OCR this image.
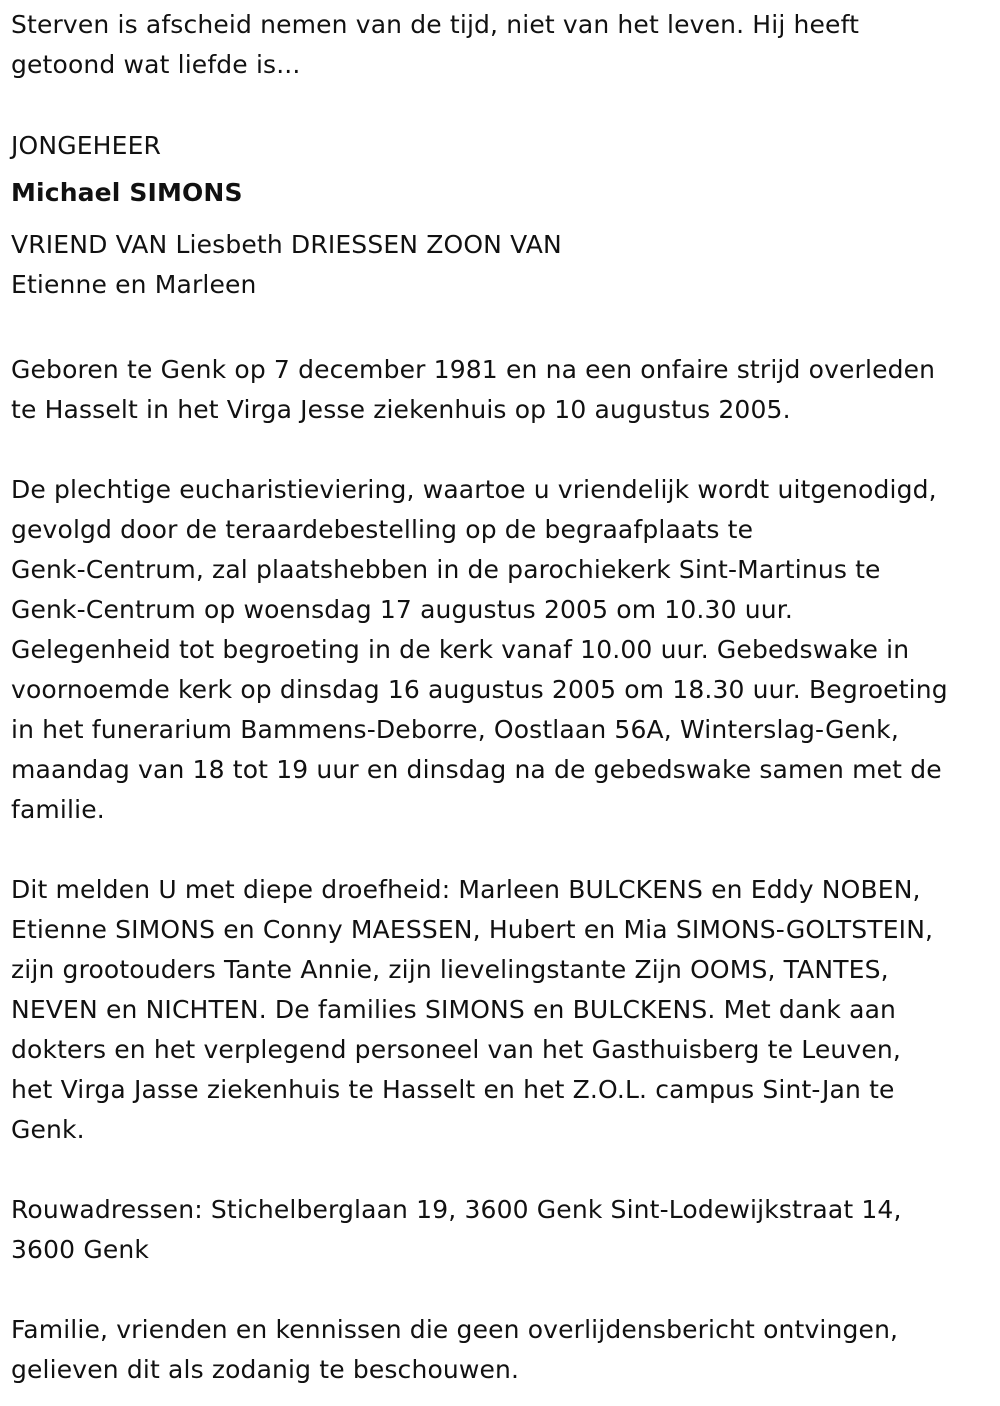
Sterven is afscheid nemen van de tijd, niet van het leven. Hij heeft
getoond wat liefde is...
JONGEHEER
Michael SIMONS
VRIEND VAN Liesbeth DRIESSEN ZOON VAN
Etienne en Marleen
Geboren te Genk op 7 december 1981 en na een onfaire strijd overleden
te Hasselt in het Virga Jesse ziekenhuis op 10 augustus 2005.
De plechtige eucharistieviering, waartoe u vriendelijk wordt uitgenodigd,
gevolgd door de teraardebestelling op de begraafplaats te
Genk-Centrum, zal plaatshebben in de parochiekerk Sint-Martinus te
Genk-Centrum op woensdag 17 augustus 2005 om 10.30 uur.
Gelegenheid tot begroeting in de kerk vanaf 10.00 uur. Gebedswake in
voornoemde kerk op dinsdag 16 augustus 2005 om 18.30 uur. Begroeting
in het funerarium Bammens-Deborre, Oostlaan 56A, Winterslag-Genk,
maandag van 18 tot 19 uur en dinsdag na de gebedswake samen met de
familie.
Dit melden U met diepe droefheid: Marleen BULCKENS en Eddy NOBEN,
Etienne SIMONS en Conny MAESSEN, Hubert en Mia SIMONS-GOLTSTEIN,
zijn grootouders Tante Annie, zijn lievelingstante Zijn OOMS, TANTES,
NEVEN en NICHTEN. De families SIMONS en BULCKENS. Met dank aan
dokters en het verplegend personeel van het Gasthuisberg te Leuven,
het Virga Jasse ziekenhuis te Hasselt en het Z.O.L. campus Sint-Jan te
Genk.
Rouwadressen: Stichelberglaan 19, 3600 Genk Sint-Lodewijkstraat 14,
3600 Genk
Familie, vrienden en kennissen die geen overlijdensbericht ontvingen,
gelieven dit als zodanig te beschouwen.
